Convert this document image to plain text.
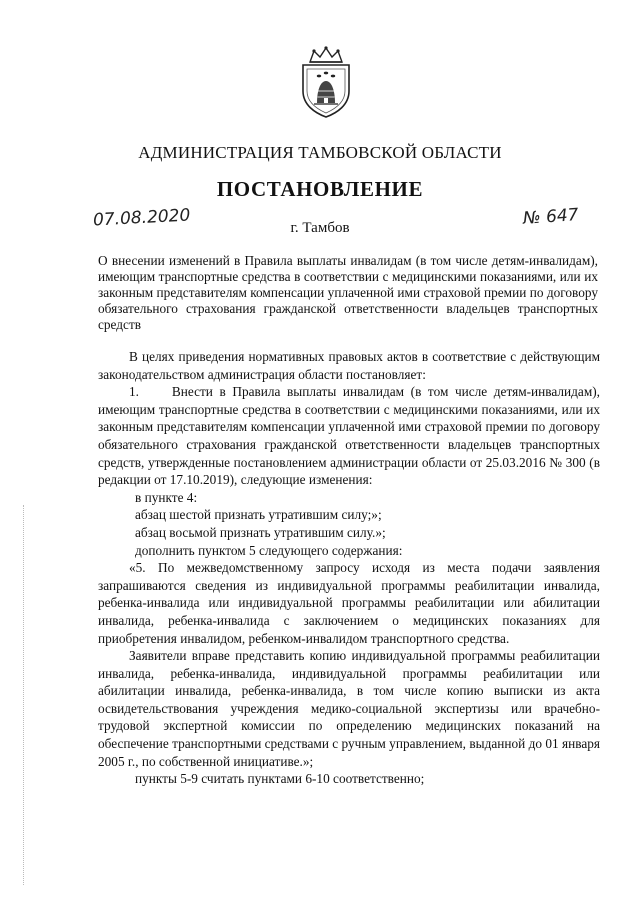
АДМИНИСТРАЦИЯ ТАМБОВСКОЙ ОБЛАСТИ
ПОСТАНОВЛЕНИЕ
07.08.2020	г. Тамбов	№ 647

О внесении изменений в Правила выплаты инвалидам (в том числе детям-инвалидам), имеющим транспортные средства в соответствии с медицинскими показаниями, или их законным представителям компенсации уплаченной ими страховой премии по договору обязательного страхования гражданской ответственности владельцев транспортных средств

В целях приведения нормативных правовых актов в соответствие с действующим законодательством администрация области постановляет:

1.     Внести в Правила выплаты инвалидам (в том числе детям-инвалидам), имеющим транспортные средства в соответствии с медицинскими показаниями, или их законным представителям компенсации уплаченной ими страховой премии по договору обязательного страхования гражданской ответственности владельцев транспортных средств, утвержденные постановлением администрации области от 25.03.2016 № 300 (в редакции от 17.10.2019), следующие изменения:

в пункте 4:

абзац шестой признать утратившим силу;»;

абзац восьмой признать утратившим силу.»;

дополнить пунктом 5 следующего содержания:

«5. По межведомственному запросу исходя из места подачи заявления запрашиваются сведения из индивидуальной программы реабилитации инвалида, ребенка-инвалида или индивидуальной программы реабилитации или абилитации инвалида, ребенка-инвалида с заключением о медицинских показаниях для приобретения инвалидом, ребенком-инвалидом транспортного средства.

Заявители вправе представить копию индивидуальной программы реабилитации инвалида, ребенка-инвалида, индивидуальной программы реабилитации или абилитации инвалида, ребенка-инвалида, в том числе копию выписки из акта освидетельствования учреждения медико-социальной экспертизы или врачебно-трудовой экспертной комиссии по определению медицинских показаний на обеспечение транспортными средствами с ручным управлением, выданной до 01 января 2005 г., по собственной инициативе.»;

пункты 5-9 считать пунктами 6-10 соответственно;
